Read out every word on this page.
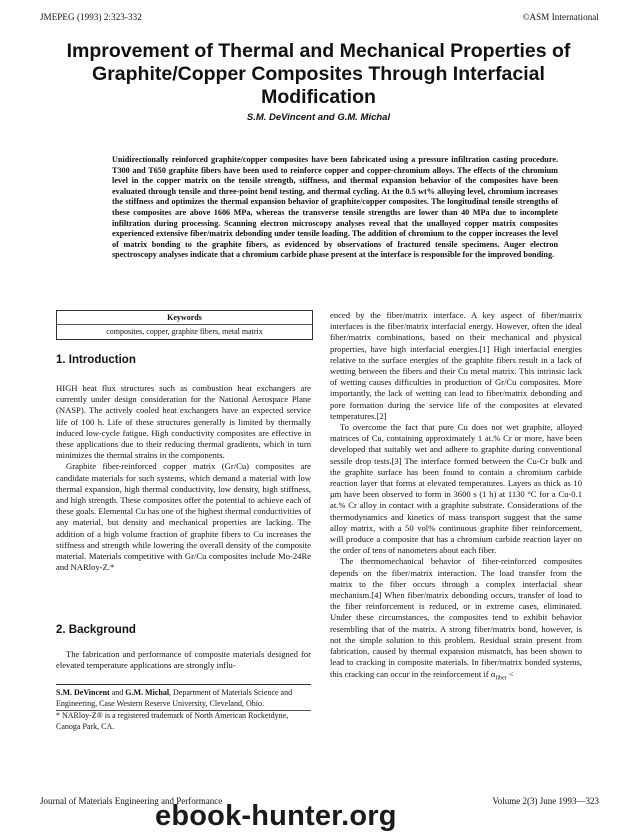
JMEPEG (1993) 2:323-332	©ASM International
Improvement of Thermal and Mechanical Properties of Graphite/Copper Composites Through Interfacial Modification
S.M. DeVincent and G.M. Michal
Unidirectionally reinforced graphite/copper composites have been fabricated using a pressure infiltration casting procedure. T300 and T650 graphite fibers have been used to reinforce copper and copper-chromium alloys. The effects of the chromium level in the copper matrix on the tensile strength, stiffness, and thermal expansion behavior of the composites have been evaluated through tensile and three-point bend testing, and thermal cycling. At the 0.5 wt% alloying level, chromium increases the stiffness and optimizes the thermal expansion behavior of graphite/copper composites. The longitudinal tensile strengths of these composites are above 1606 MPa, whereas the transverse tensile strengths are lower than 40 MPa due to incomplete infiltration during processing. Scanning electron microscopy analyses reveal that the unalloyed copper matrix composites experienced extensive fiber/matrix debonding under tensile loading. The addition of chromium to the copper increases the level of matrix bonding to the graphite fibers, as evidenced by observations of fractured tensile specimens. Auger electron spectroscopy analyses indicate that a chromium carbide phase present at the interface is responsible for the improved bonding.
Keywords
composites, copper, graphite fibers, metal matrix
1. Introduction

HIGH heat flux structures such as combustion heat exchangers are currently under design consideration for the National Aerospace Plane (NASP). The actively cooled heat exchangers have an expected service life of 100 h. Life of these structures generally is limited by thermally induced low-cycle fatigue. High conductivity composites are effective in these applications due to their reducing thermal gradients, which in turn minimizes the thermal strains in the components.

Graphite fiber-reinforced copper matrix (Gr/Cu) composites are candidate materials for such systems, which demand a material with low thermal expansion, high thermal conductivity, low density, high stiffness, and high strength. These composites offer the potential to achieve each of these goals. Elemental Cu has one of the highest thermal conductivities of any material, but density and mechanical properties are lacking. The addition of a high volume fraction of graphite fibers to Cu increases the stiffness and strength while lowering the overall density of the composite material. Materials competitive with Gr/Cu composites include Mo-24Re and NARloy-Z.*

2. Background

The fabrication and performance of composite materials designed for elevated temperature applications are strongly influ-

S.M. DeVincent and G.M. Michal, Department of Materials Science and Engineering, Case Western Reserve University, Cleveland, Ohio.
* NARloy-Z® is a registered trademark of North American Rocketdyne, Canoga Park, CA.

enced by the fiber/matrix interface. A key aspect of fiber/matrix interfaces is the fiber/matrix interfacial energy. However, often the ideal fiber/matrix combinations, based on their mechanical and physical properties, have high interfacial energies.[1] High interfacial energies relative to the surface energies of the graphite fibers result in a lack of wetting between the fibers and their Cu metal matrix. This intrinsic lack of wetting causes difficulties in production of Gr/Cu composites. More importantly, the lack of wetting can lead to fiber/matrix debonding and pore formation during the service life of the composites at elevated temperatures.[2]

To overcome the fact that pure Cu does not wet graphite, alloyed matrices of Cu, containing approximately 1 at.% Cr or more, have been developed that suitably wet and adhere to graphite during conventional sessile drop tests.[3] The interface formed between the Cu-Cr bulk and the graphite surface has been found to contain a chromium carbide reaction layer that forms at elevated temperatures. Layers as thick as 10 μm have been observed to form in 3600 s (1 h) at 1130 °C for a Cu-0.1 at.% Cr alloy in contact with a graphite substrate. Considerations of the thermodynamics and kinetics of mass transport suggest that the same alloy matrix, with a 50 vol% continuous graphite fiber reinforcement, will produce a composite that has a chromium carbide reaction layer on the order of tens of nanometers about each fiber.

The thermomechanical behavior of fiber-reinforced composites depends on the fiber/matrix interaction. The load transfer from the matrix to the fiber occurs through a complex interfacial shear mechanism.[4] When fiber/matrix debonding occurs, transfer of load to the fiber reinforcement is reduced, or in extreme cases, eliminated. Under these circumstances, the composites tend to exhibit behavior resembling that of the matrix. A strong fiber/matrix bond, however, is not the simple solution to this problem. Residual strain present from fabrication, caused by thermal expansion mismatch, has been shown to lead to cracking in composite materials. In fiber/matrix bonded systems, this cracking can occur in the reinforcement if $\alpha_{fiber}$ <

Journal of Materials Engineering and Performance	Volume 2(3) June 1993—323
ebook-hunter.org
